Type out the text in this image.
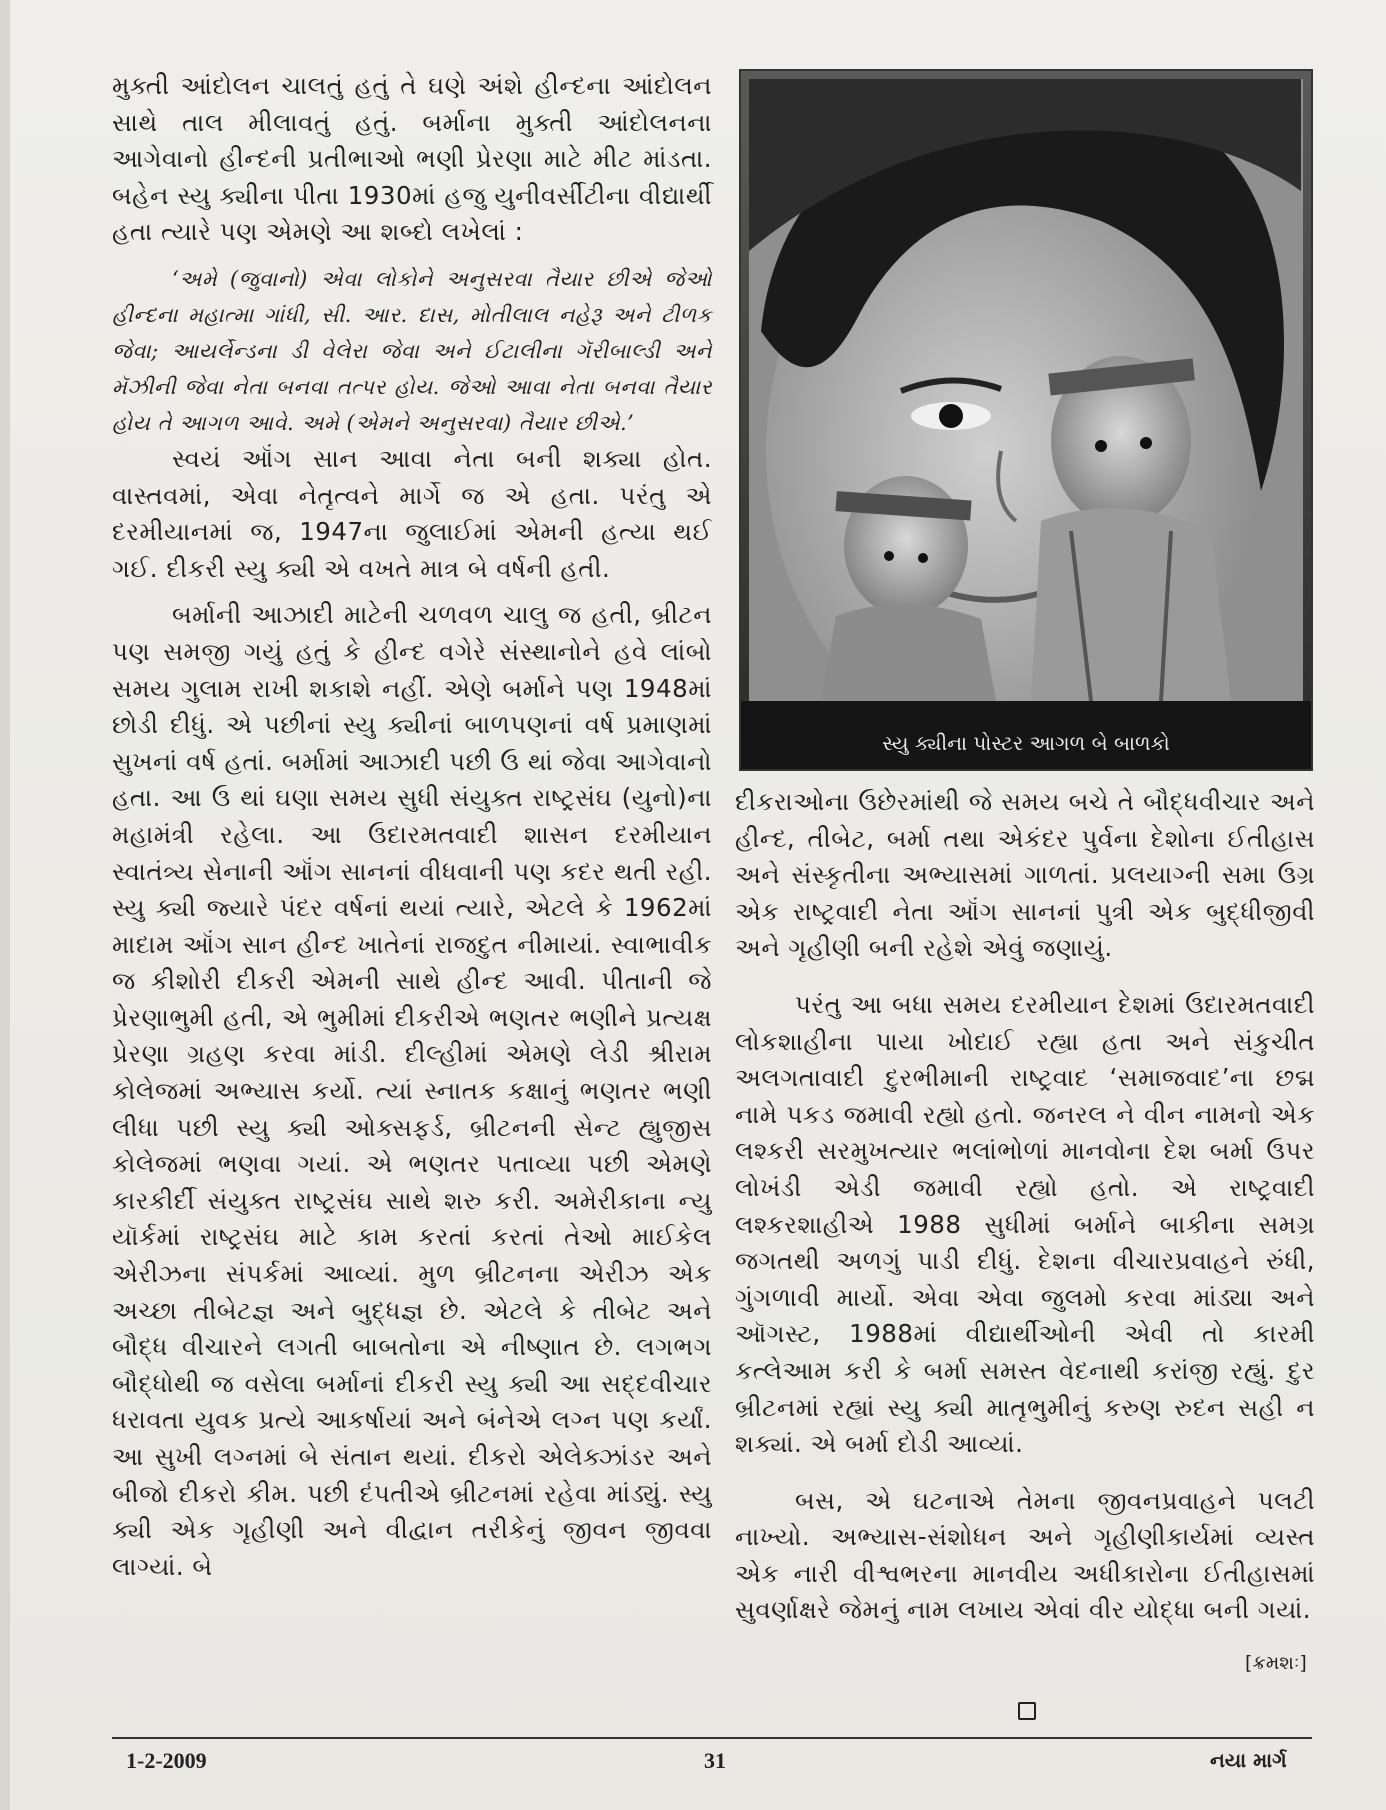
મુક્તી આંદોલન ચાલતું હતું તે ઘણે અંશે હીન્દના આંદોલન સાથે તાલ મીલાવતું હતું. બર્માના મુક્તી આંદોલનના આગેવાનો હીન્દની પ્રતીભાઓ ભણી પ્રેરણા માટે મીટ માંડતા. બહેન સ્યુ ક્યીના પીતા 1930માં હજુ યુનીવર્સીટીના વીદ્યાર્થી હતા ત્યારે પણ એમણે આ શબ્દો લખેલાં :

‘અમે (જુવાનો) એવા લોકોને અનુસરવા તૈયાર છીએ જેઓ હીન્દના મહાત્મા ગાંધી, સી. આર. દાસ, મોતીલાલ નહેરૂ અને ટીળક જેવા; આયર્લેન્ડના ડી વેલેરા જેવા અને ઈટાલીના ગૅરીબાલ્ડી અને મૅઝીની જેવા નેતા બનવા તત્પર હોય. જેઓ આવા નેતા બનવા તૈયાર હોય તે આગળ આવે. અમે (એમને અનુસરવા) તૈયાર છીએ.’

સ્વયં ઑંગ સાન આવા નેતા બની શક્યા હોત. વાસ્તવમાં, એવા નેતૃત્વને માર્ગે જ એ હતા. પરંતુ એ દરમીયાનમાં જ, 1947ના જુલાઈમાં એમની હત્યા થઈ ગઈ. દીકરી સ્યુ ક્યી એ વખતે માત્ર બે વર્ષની હતી.

બર્માની આઝાદી માટેની ચળવળ ચાલુ જ હતી, બ્રીટન પણ સમજી ગયું હતું કે હીન્દ વગેરે સંસ્થાનોને હવે લાંબો સમય ગુલામ રાખી શકાશે નહીં. એણે બર્માને પણ 1948માં છોડી દીધું. એ પછીનાં સ્યુ ક્યીનાં બાળપણનાં વર્ષ પ્રમાણમાં સુખનાં વર્ષ હતાં. બર્મામાં આઝાદી પછી ઉ થાં જેવા આગેવાનો હતા. આ ઉ થાં ઘણા સમય સુધી સંયુક્ત રાષ્ટ્રસંઘ (યુનો)ના મહામંત્રી રહેલા. આ ઉદારમતવાદી શાસન દરમીયાન સ્વાતંત્ર્ય સેનાની ઑંગ સાનનાં વીધવાની પણ કદર થતી રહી. સ્યુ ક્યી જ્યારે પંદર વર્ષનાં થયાં ત્યારે, એટલે કે 1962માં માદામ ઑંગ સાન હીન્દ ખાતેનાં રાજદુત નીમાયાં. સ્વાભાવીક જ કીશોરી દીકરી એમની સાથે હીન્દ આવી. પીતાની જે પ્રેરણાભુમી હતી, એ ભુમીમાં દીકરીએ ભણતર ભણીને પ્રત્યક્ષ પ્રેરણા ગ્રહણ કરવા માંડી. દીલ્હીમાં એમણે લેડી શ્રીરામ કોલેજમાં અભ્યાસ કર્યો. ત્યાં સ્નાતક કક્ષાનું ભણતર ભણી લીધા પછી સ્યુ ક્યી ઓક્સફર્ડ, બ્રીટનની સેન્ટ હ્યુજીસ કોલેજમાં ભણવા ગયાં. એ ભણતર પતાવ્યા પછી એમણે કારકીર્દી સંયુક્ત રાષ્ટ્રસંઘ સાથે શરુ કરી. અમેરીકાના ન્યુ યૉર્કમાં રાષ્ટ્રસંઘ માટે કામ કરતાં કરતાં તેઓ માઈકેલ એરીઝના સંપર્કમાં આવ્યાં. મુળ બ્રીટનના એરીઝ એક અચ્છા તીબેટજ્ઞ અને બુદ્ધજ્ઞ છે. એટલે કે તીબેટ અને બૌદ્ધ વીચારને લગતી બાબતોના એ નીષ્ણાત છે. લગભગ બૌદ્ધોથી જ વસેલા બર્માનાં દીકરી સ્યુ ક્યી આ સદ્દવીચાર ધરાવતા યુવક પ્રત્યે આકર્ષાયાં અને બંનેએ લગ્ન પણ કર્યાં. આ સુખી લગ્નમાં બે સંતાન થયાં. દીકરો એલેક્ઝાંડર અને બીજો દીકરો કીમ. પછી દંપતીએ બ્રીટનમાં રહેવા માંડ્યું. સ્યુ ક્યી એક ગૃહીણી અને વીદ્વાન તરીકેનું જીવન જીવવા લાગ્યાં. બે

સ્યુ ક્યીના પોસ્ટર આગળ બે બાળકો

દીકરાઓના ઉછેરમાંથી જે સમય બચે તે બૌદ્ધવીચાર અને હીન્દ, તીબેટ, બર્મા તથા એકંદર પુર્વના દેશોના ઈતીહાસ અને સંસ્કૃતીના અભ્યાસમાં ગાળતાં. પ્રલયાગ્ની સમા ઉગ્ર એક રાષ્ટ્રવાદી નેતા ઑંગ સાનનાં પુત્રી એક બુદ્ધીજીવી અને ગૃહીણી બની રહેશે એવું જણાયું.

પરંતુ આ બધા સમય દરમીયાન દેશમાં ઉદારમતવાદી લોકશાહીના પાયા ખોદાઈ રહ્યા હતા અને સંકુચીત અલગતાવાદી દુરભીમાની રાષ્ટ્રવાદ ‘સમાજવાદ’ના છદ્મ નામે પકડ જમાવી રહ્યો હતો. જનરલ ને વીન નામનો એક લશ્કરી સરમુખત્યાર ભલાંભોળાં માનવોના દેશ બર્મા ઉપર લોખંડી એડી જમાવી રહ્યો હતો. એ રાષ્ટ્રવાદી લશ્કરશાહીએ 1988 સુધીમાં બર્માને બાકીના સમગ્ર જગતથી અળગું પાડી દીધું. દેશના વીચારપ્રવાહને રુંધી, ગુંગળાવી માર્યો. એવા એવા જુલમો કરવા માંડ્યા અને ઑગસ્ટ, 1988માં વીદ્યાર્થીઓની એવી તો કારમી કત્લેઆમ કરી કે બર્મા સમસ્ત વેદનાથી કરાંજી રહ્યું. દુર બ્રીટનમાં રહ્યાં સ્યુ ક્યી માતૃભુમીનું કરુણ રુદન સહી ન શક્યાં. એ બર્મા દોડી આવ્યાં.

બસ, એ ઘટનાએ તેમના જીવનપ્રવાહને પલટી નાખ્યો. અભ્યાસ-સંશોધન અને ગૃહીણીકાર્યમાં વ્યસ્ત એક નારી વીશ્વભરના માનવીય અધીકારોના ઈતીહાસમાં સુવર્ણાક્ષરે જેમનું નામ લખાય એવાં વીર યોદ્ધા બની ગયાં.

[ક્રમશઃ]
1-2-2009	31	નયા માર્ગ
